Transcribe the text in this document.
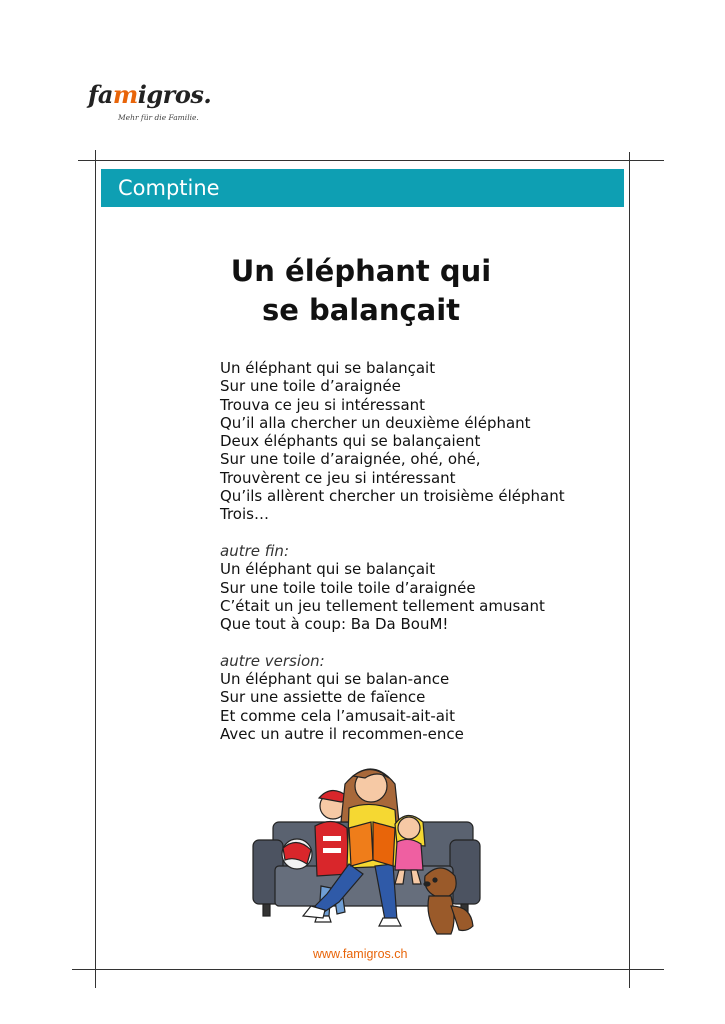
famigros.
Mehr für die Familie.
Comptine
Un éléphant qui
se balançait
Un éléphant qui se balançait
Sur une toile d’araignée
Trouva ce jeu si intéressant
Qu’il alla chercher un deuxième éléphant
Deux éléphants qui se balançaient
Sur une toile d’araignée, ohé, ohé,
Trouvèrent ce jeu si intéressant
Qu’ils allèrent chercher un troisième éléphant
Trois…
autre fin:
Un éléphant qui se balançait
Sur une toile toile toile d’araignée
C’était un jeu tellement tellement amusant
Que tout à coup: Ba Da BouM!
autre version:
Un éléphant qui se balan-ance
Sur une assiette de faïence
Et comme cela l’amusait-ait-ait
Avec un autre il recommen-ence
www.famigros.ch
